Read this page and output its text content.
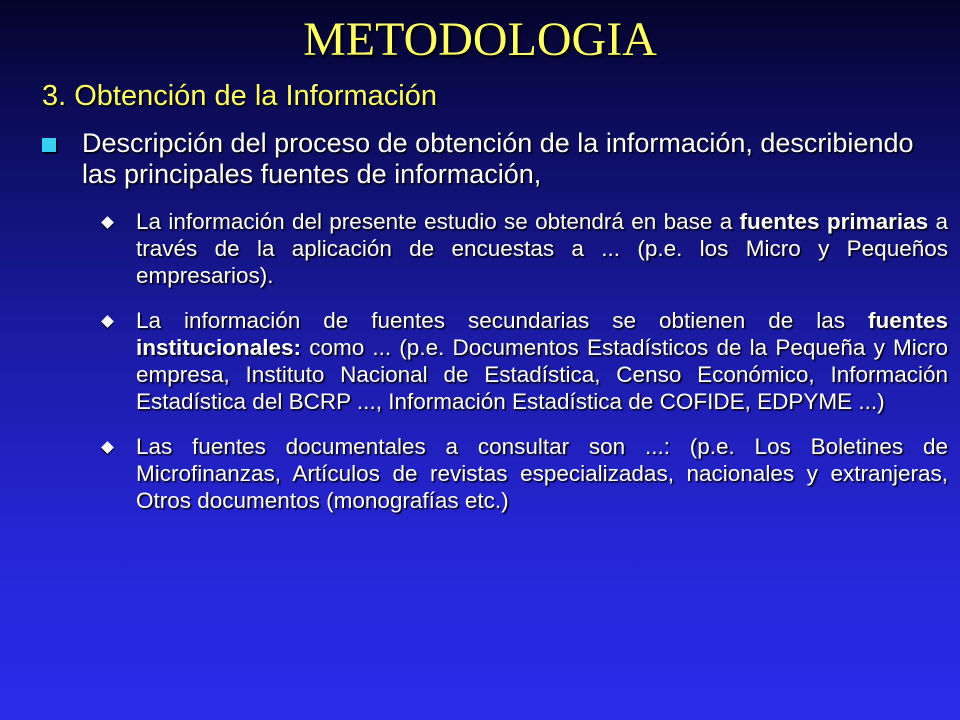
METODOLOGIA
3. Obtención de la Información
Descripción del proceso de obtención de la información, describiendo las principales fuentes de información,
La información del presente estudio se obtendrá en base a fuentes primarias a través de la aplicación de encuestas a ... (p.e. los Micro y Pequeños empresarios).
La información de fuentes secundarias se obtienen de las fuentes institucionales: como ... (p.e. Documentos Estadísticos de la Pequeña y Micro empresa, Instituto Nacional de Estadística, Censo Económico, Información Estadística del BCRP ..., Información Estadística de COFIDE, EDPYME ...)
Las fuentes documentales a consultar son ...: (p.e. Los Boletines de Microfinanzas, Artículos de revistas especializadas, nacionales y extranjeras, Otros documentos (monografías etc.)
